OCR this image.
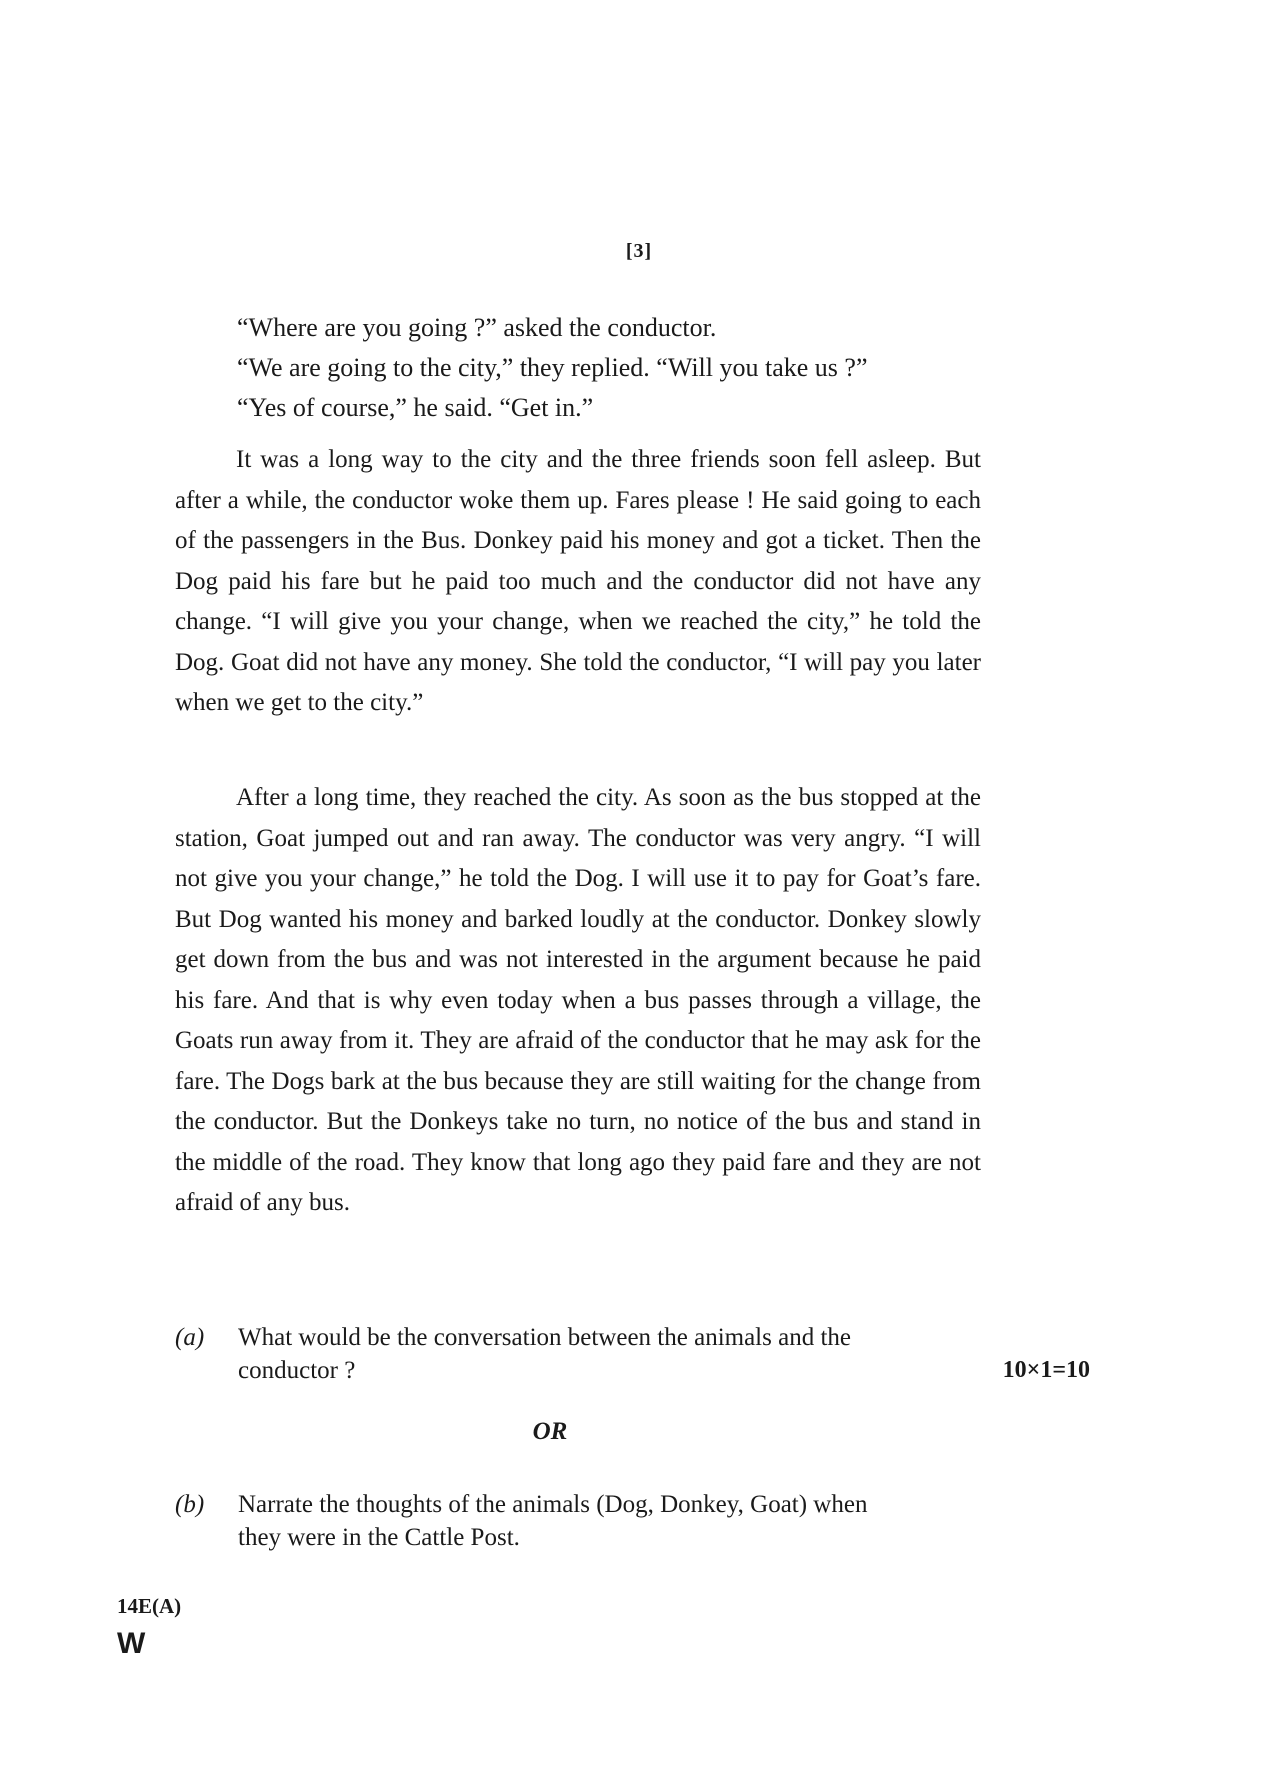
[3]

“Where are you going ?” asked the conductor.

“We are going to the city,” they replied. “Will you take us ?”

“Yes of course,” he said. “Get in.”

It was a long way to the city and the three friends soon fell asleep. But after a while, the conductor woke them up. Fares please ! He said going to each of the passengers in the Bus. Donkey paid his money and got a ticket. Then the Dog paid his fare but he paid too much and the conductor did not have any change. “I will give you your change, when we reached the city,” he told the Dog. Goat did not have any money. She told the conductor, “I will pay you later when we get to the city.”

After a long time, they reached the city. As soon as the bus stopped at the station, Goat jumped out and ran away. The conductor was very angry. “I will not give you your change,” he told the Dog. I will use it to pay for Goat’s fare. But Dog wanted his money and barked loudly at the conductor. Donkey slowly get down from the bus and was not interested in the argument because he paid his fare. And that is why even today when a bus passes through a village, the Goats run away from it. They are afraid of the conductor that he may ask for the fare. The Dogs bark at the bus because they are still waiting for the change from the conductor. But the Donkeys take no turn, no notice of the bus and stand in the middle of the road. They know that long ago they paid fare and they are not afraid of any bus.

(a)	What would be the conversation between the animals and the conductor ?	10×1=10
OR
(b)	Narrate the thoughts of the animals (Dog, Donkey, Goat) when they were in the Cattle Post.
14E(A)
W
